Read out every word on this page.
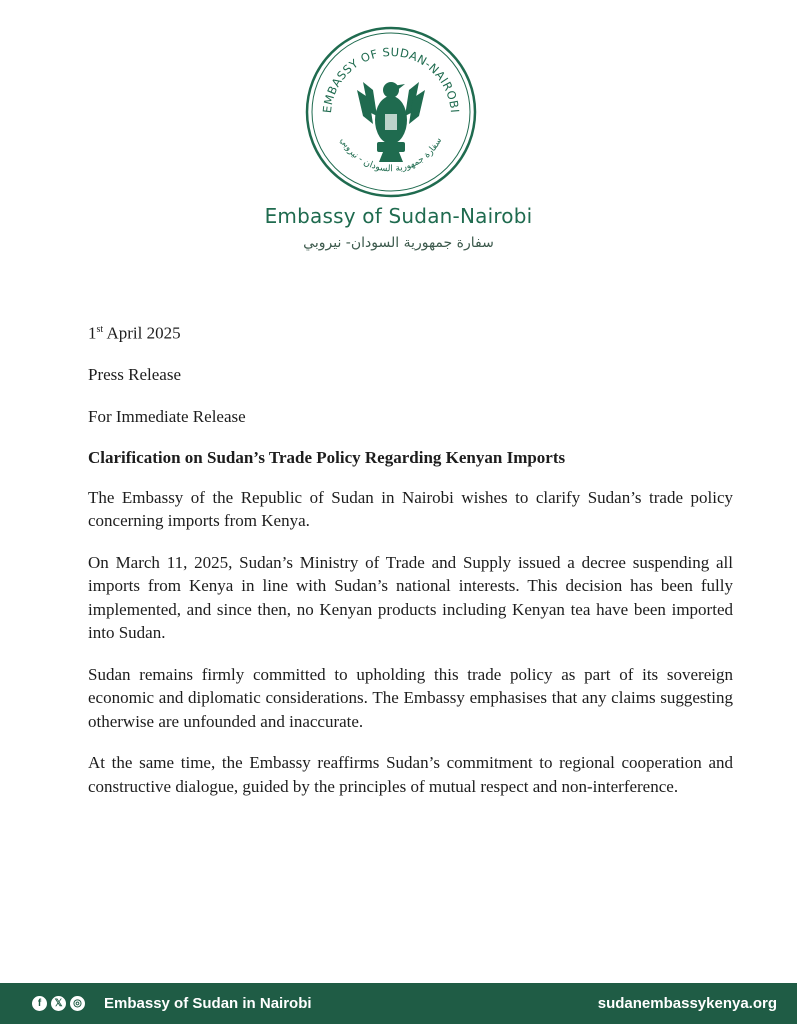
EMBASSY OF SUDAN-NAIROBI
سفارة جمهورية السودان - نيروبي
Embassy of Sudan-Nairobi
سفارة جمهورية السودان- نيروبي
1st April 2025
Press Release
For Immediate Release
Clarification on Sudan’s Trade Policy Regarding Kenyan Imports

The Embassy of the Republic of Sudan in Nairobi wishes to clarify Sudan’s trade policy concerning imports from Kenya.

On March 11, 2025, Sudan’s Ministry of Trade and Supply issued a decree suspending all imports from Kenya in line with Sudan’s national interests. This decision has been fully implemented, and since then, no Kenyan products including Kenyan tea have been imported into Sudan.

Sudan remains firmly committed to upholding this trade policy as part of its sovereign economic and diplomatic considerations. The Embassy emphasises that any claims suggesting otherwise are unfounded and inaccurate.

At the same time, the Embassy reaffirms Sudan’s commitment to regional cooperation and constructive dialogue, guided by the principles of mutual respect and non-interference.

f	𝕏	◎ Embassy of Sudan in Nairobi	sudanembassykenya.org
